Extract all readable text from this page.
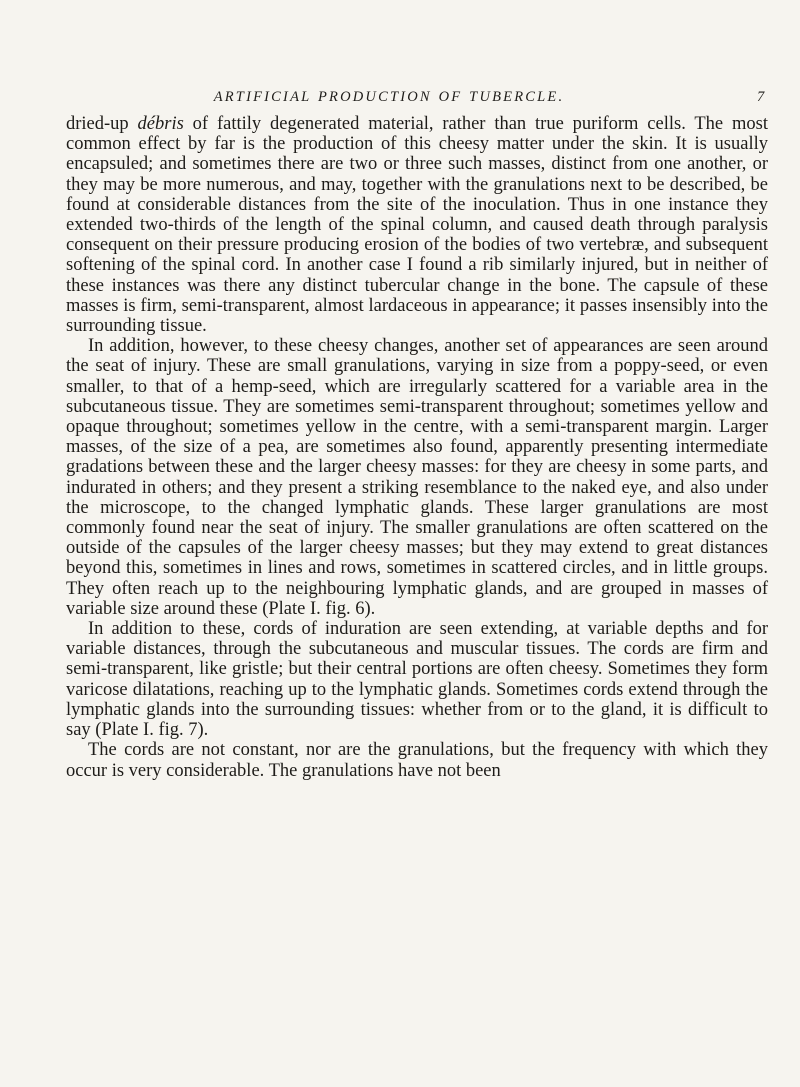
ARTIFICIAL PRODUCTION OF TUBERCLE.	7

dried-up débris of fattily degenerated material, rather than true puriform cells. The most common effect by far is the production of this cheesy matter under the skin. It is usually encapsuled; and sometimes there are two or three such masses, distinct from one another, or they may be more numerous, and may, together with the granulations next to be described, be found at considerable distances from the site of the inoculation. Thus in one instance they extended two-thirds of the length of the spinal column, and caused death through paralysis consequent on their pressure producing erosion of the bodies of two vertebræ, and subsequent softening of the spinal cord. In another case I found a rib similarly injured, but in neither of these instances was there any distinct tubercular change in the bone. The capsule of these masses is firm, semi-transparent, almost lardaceous in appearance; it passes insensibly into the surrounding tissue.

In addition, however, to these cheesy changes, another set of appearances are seen around the seat of injury. These are small granulations, varying in size from a poppy-seed, or even smaller, to that of a hemp-seed, which are irregularly scattered for a variable area in the subcutaneous tissue. They are sometimes semi-transparent throughout; sometimes yellow and opaque throughout; sometimes yellow in the centre, with a semi-transparent margin. Larger masses, of the size of a pea, are sometimes also found, apparently presenting intermediate gradations between these and the larger cheesy masses: for they are cheesy in some parts, and indurated in others; and they present a striking resemblance to the naked eye, and also under the microscope, to the changed lymphatic glands. These larger granulations are most commonly found near the seat of injury. The smaller granulations are often scattered on the outside of the capsules of the larger cheesy masses; but they may extend to great distances beyond this, sometimes in lines and rows, sometimes in scattered circles, and in little groups. They often reach up to the neighbouring lymphatic glands, and are grouped in masses of variable size around these (Plate I. fig. 6).

In addition to these, cords of induration are seen extending, at variable depths and for variable distances, through the subcutaneous and muscular tissues. The cords are firm and semi-transparent, like gristle; but their central portions are often cheesy. Sometimes they form varicose dilatations, reaching up to the lymphatic glands. Sometimes cords extend through the lymphatic glands into the surrounding tissues: whether from or to the gland, it is difficult to say (Plate I. fig. 7).

The cords are not constant, nor are the granulations, but the frequency with which they occur is very considerable. The granulations have not been
